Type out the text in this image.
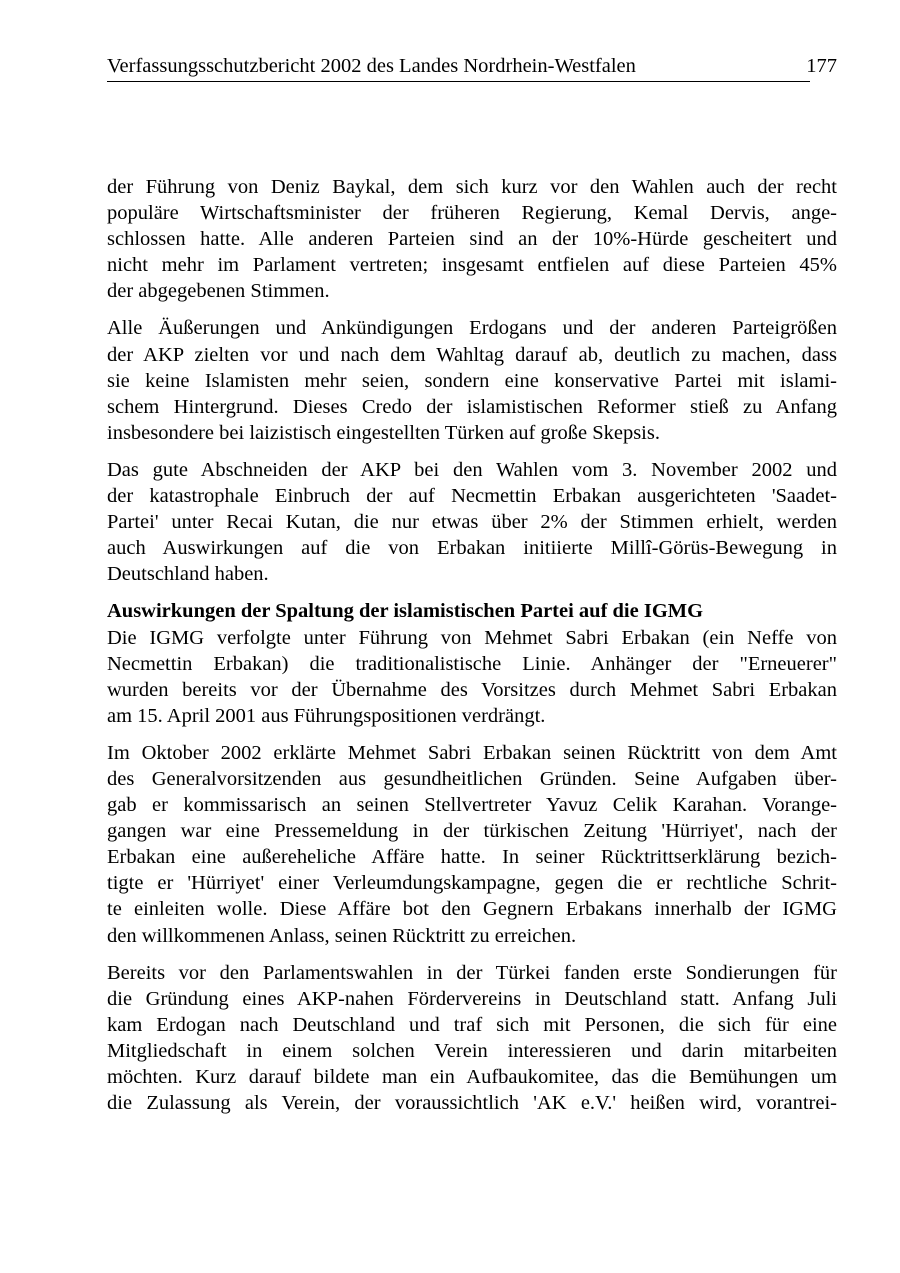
Verfassungsschutzbericht 2002 des Landes Nordrhein-Westfalen	177

der Führung von Deniz Baykal, dem sich kurz vor den Wahlen auch der recht
populäre Wirtschaftsminister der früheren Regierung, Kemal Dervis, ange-
schlossen hatte. Alle anderen Parteien sind an der 10%-Hürde gescheitert und
nicht mehr im Parlament vertreten; insgesamt entfielen auf diese Parteien 45%
der abgegebenen Stimmen.

Alle Äußerungen und Ankündigungen Erdogans und der anderen Parteigrößen
der AKP zielten vor und nach dem Wahltag darauf ab, deutlich zu machen, dass
sie keine Islamisten mehr seien, sondern eine konservative Partei mit islami-
schem Hintergrund. Dieses Credo der islamistischen Reformer stieß zu Anfang
insbesondere bei laizistisch eingestellten Türken auf große Skepsis.

Das gute Abschneiden der AKP bei den Wahlen vom 3. November 2002 und
der katastrophale Einbruch der auf Necmettin Erbakan ausgerichteten 'Saadet-
Partei' unter Recai Kutan, die nur etwas über 2% der Stimmen erhielt, werden
auch Auswirkungen auf die von Erbakan initiierte Millî-Görüs-Bewegung in
Deutschland haben.

Auswirkungen der Spaltung der islamistischen Partei auf die IGMG

Die IGMG verfolgte unter Führung von Mehmet Sabri Erbakan (ein Neffe von
Necmettin Erbakan) die traditionalistische Linie. Anhänger der "Erneuerer"
wurden bereits vor der Übernahme des Vorsitzes durch Mehmet Sabri Erbakan
am 15. April 2001 aus Führungspositionen verdrängt.

Im Oktober 2002 erklärte Mehmet Sabri Erbakan seinen Rücktritt von dem Amt
des Generalvorsitzenden aus gesundheitlichen Gründen. Seine Aufgaben über-
gab er kommissarisch an seinen Stellvertreter Yavuz Celik Karahan. Vorange-
gangen war eine Pressemeldung in der türkischen Zeitung 'Hürriyet', nach der
Erbakan eine außereheliche Affäre hatte. In seiner Rücktrittserklärung bezich-
tigte er 'Hürriyet' einer Verleumdungskampagne, gegen die er rechtliche Schrit-
te einleiten wolle. Diese Affäre bot den Gegnern Erbakans innerhalb der IGMG
den willkommenen Anlass, seinen Rücktritt zu erreichen.

Bereits vor den Parlamentswahlen in der Türkei fanden erste Sondierungen für
die Gründung eines AKP-nahen Fördervereins in Deutschland statt. Anfang Juli
kam Erdogan nach Deutschland und traf sich mit Personen, die sich für eine
Mitgliedschaft in einem solchen Verein interessieren und darin mitarbeiten
möchten. Kurz darauf bildete man ein Aufbaukomitee, das die Bemühungen um
die Zulassung als Verein, der voraussichtlich 'AK e.V.' heißen wird, vorantrei-
